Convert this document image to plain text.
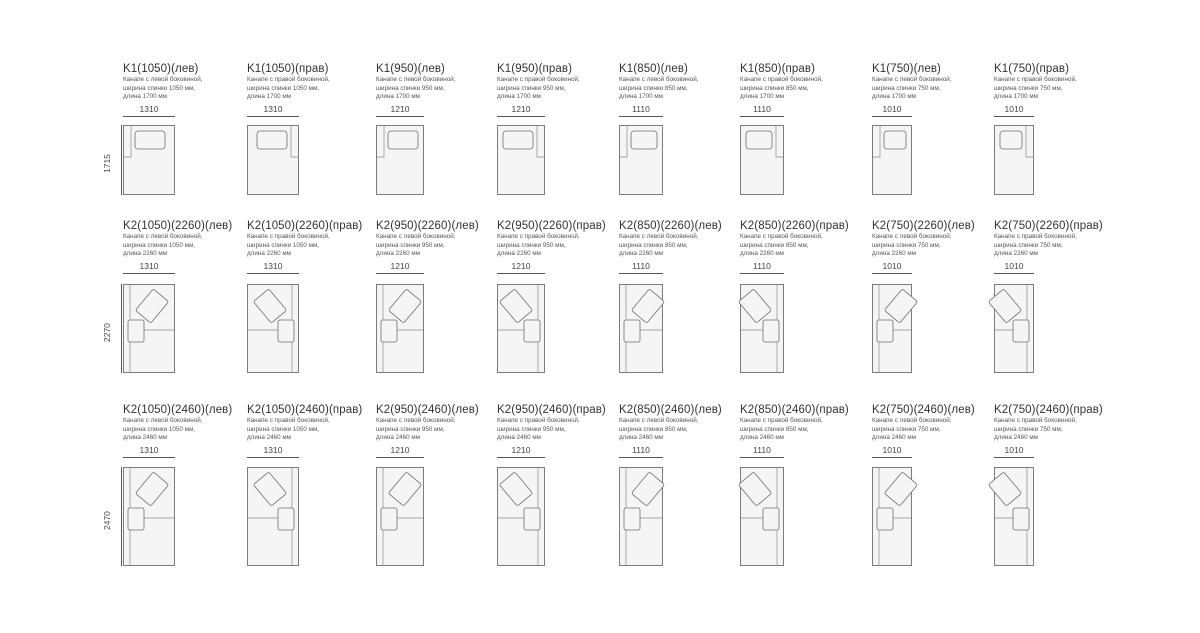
1715
K1(1050)(лев)
Канапе с левой боковиной,
ширина спинки 1050 мм,
длина 1700 мм
1310
K1(1050)(прав)
Канапе с правой боковиной,
ширина спинки 1050 мм,
длина 1700 мм
1310
K1(950)(лев)
Канапе с левой боковиной,
ширина спинки 950 мм,
длина 1700 мм
1210
K1(950)(прав)
Канапе с правой боковиной,
ширина спинки 950 мм,
длина 1700 мм
1210
K1(850)(лев)
Канапе с левой боковиной,
ширина спинки 850 мм,
длина 1700 мм
1110
K1(850)(прав)
Канапе с правой боковиной,
ширина спинки 850 мм,
длина 1700 мм
1110
K1(750)(лев)
Канапе с левой боковиной,
ширина спинки 750 мм,
длина 1700 мм
1010
K1(750)(прав)
Канапе с правой боковиной,
ширина спинки 750 мм,
длина 1700 мм
1010
2270
K2(1050)(2260)(лев)
Канапе с левой боковиной,
ширина спинки 1050 мм,
длина 2260 мм
1310
K2(1050)(2260)(прав)
Канапе с правой боковиной,
ширина спинки 1050 мм,
длина 2260 мм
1310
K2(950)(2260)(лев)
Канапе с левой боковиной,
ширина спинки 950 мм,
длина 2260 мм
1210
K2(950)(2260)(прав)
Канапе с правой боковиной,
ширина спинки 950 мм,
длина 2260 мм
1210
K2(850)(2260)(лев)
Канапе с левой боковиной,
ширина спинки 850 мм,
длина 2260 мм
1110
K2(850)(2260)(прав)
Канапе с правой боковиной,
ширина спинки 850 мм,
длина 2260 мм
1110
K2(750)(2260)(лев)
Канапе с левой боковиной,
ширина спинки 750 мм,
длина 2260 мм
1010
K2(750)(2260)(прав)
Канапе с правой боковиной,
ширина спинки 750 мм,
длина 2260 мм
1010
2470
K2(1050)(2460)(лев)
Канапе с левой боковиной,
ширина спинки 1050 мм,
длина 2460 мм
1310
K2(1050)(2460)(прав)
Канапе с правой боковиной,
ширина спинки 1050 мм,
длина 2460 мм
1310
K2(950)(2460)(лев)
Канапе с левой боковиной,
ширина спинки 950 мм,
длина 2460 мм
1210
K2(950)(2460)(прав)
Канапе с правой боковиной,
ширина спинки 950 мм,
длина 2460 мм
1210
K2(850)(2460)(лев)
Канапе с левой боковиной,
ширина спинки 850 мм,
длина 2460 мм
1110
K2(850)(2460)(прав)
Канапе с правой боковиной,
ширина спинки 850 мм,
длина 2460 мм
1110
K2(750)(2460)(лев)
Канапе с левой боковиной,
ширина спинки 750 мм,
длина 2460 мм
1010
K2(750)(2460)(прав)
Канапе с правой боковиной,
ширина спинки 750 мм,
длина 2460 мм
1010
